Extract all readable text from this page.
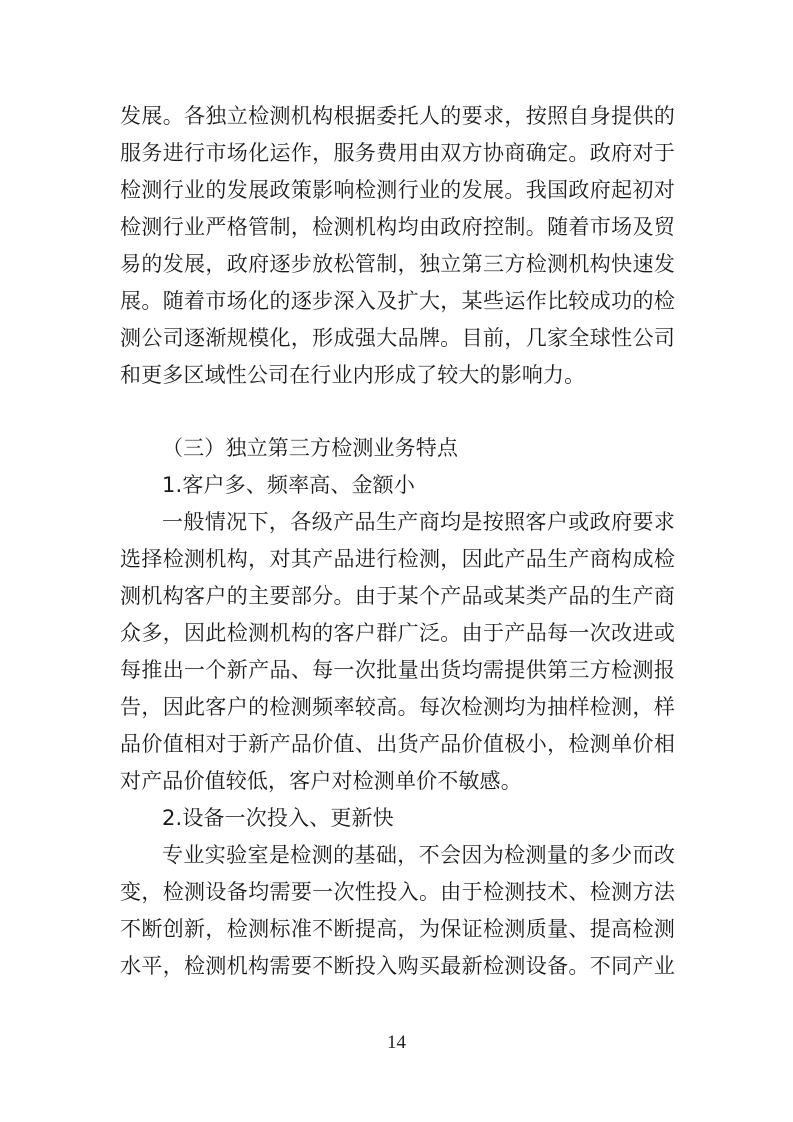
发展。各独立检测机构根据委托人的要求，按照自身提供的
服务进行市场化运作，服务费用由双方协商确定。政府对于
检测行业的发展政策影响检测行业的发展。我国政府起初对
检测行业严格管制，检测机构均由政府控制。随着市场及贸
易的发展，政府逐步放松管制，独立第三方检测机构快速发
展。随着市场化的逐步深入及扩大，某些运作比较成功的检
测公司逐渐规模化，形成强大品牌。目前，几家全球性公司
和更多区域性公司在行业内形成了较大的影响力。
（三）独立第三方检测业务特点
1.客户多、频率高、金额小
一般情况下，各级产品生产商均是按照客户或政府要求
选择检测机构，对其产品进行检测，因此产品生产商构成检
测机构客户的主要部分。由于某个产品或某类产品的生产商
众多，因此检测机构的客户群广泛。由于产品每一次改进或
每推出一个新产品、每一次批量出货均需提供第三方检测报
告，因此客户的检测频率较高。每次检测均为抽样检测，样
品价值相对于新产品价值、出货产品价值极小，检测单价相
对产品价值较低，客户对检测单价不敏感。
2.设备一次投入、更新快
专业实验室是检测的基础，不会因为检测量的多少而改
变，检测设备均需要一次性投入。由于检测技术、检测方法
不断创新，检测标准不断提高，为保证检测质量、提高检测
水平，检测机构需要不断投入购买最新检测设备。不同产业
14
